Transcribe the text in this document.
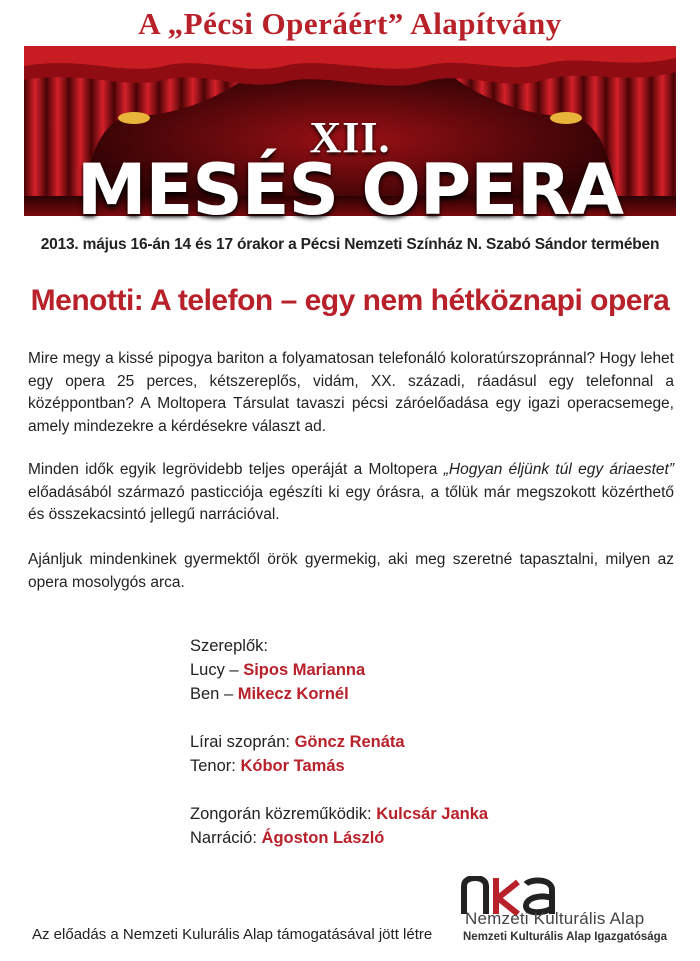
A „Pécsi Operáért” Alapítvány
XII.
MESÉS OPERA
2013. május 16-án 14 és 17 órakor a Pécsi Nemzeti Színház N. Szabó Sándor termében
Menotti: A telefon – egy nem hétköznapi opera

Mire megy a kissé pipogya bariton a folyamatosan telefonáló koloratúrszopránnal? Hogy lehet egy opera 25 perces, kétszereplős, vidám, XX. századi, ráadásul egy telefonnal a középpontban? A Moltopera Társulat tavaszi pécsi záróelőadása egy igazi operacsemege, amely mindezekre a kérdésekre választ ad.

Minden idők egyik legrövidebb teljes operáját a Moltopera „Hogyan éljünk túl egy áriaestet” előadásából származó pasticciója egészíti ki egy órásra, a tőlük már megszokott közérthető és összekacsintó jellegű narrációval.

Ajánljuk mindenkinek gyermektől örök gyermekig, aki meg szeretné tapasztalni, milyen az opera mosolygós arca.

Szereplők:
Lucy – Sipos Marianna
Ben – Mikecz Kornél
Lírai szoprán: Göncz Renáta
Tenor: Kóbor Tamás
Zongorán közreműködik: Kulcsár Janka
Narráció: Ágoston László
Az előadás a Nemzeti Kulurális Alap támogatásával jött létre
nka
Nemzeti Kulturális Alap
Nemzeti Kulturális Alap Igazgatósága
